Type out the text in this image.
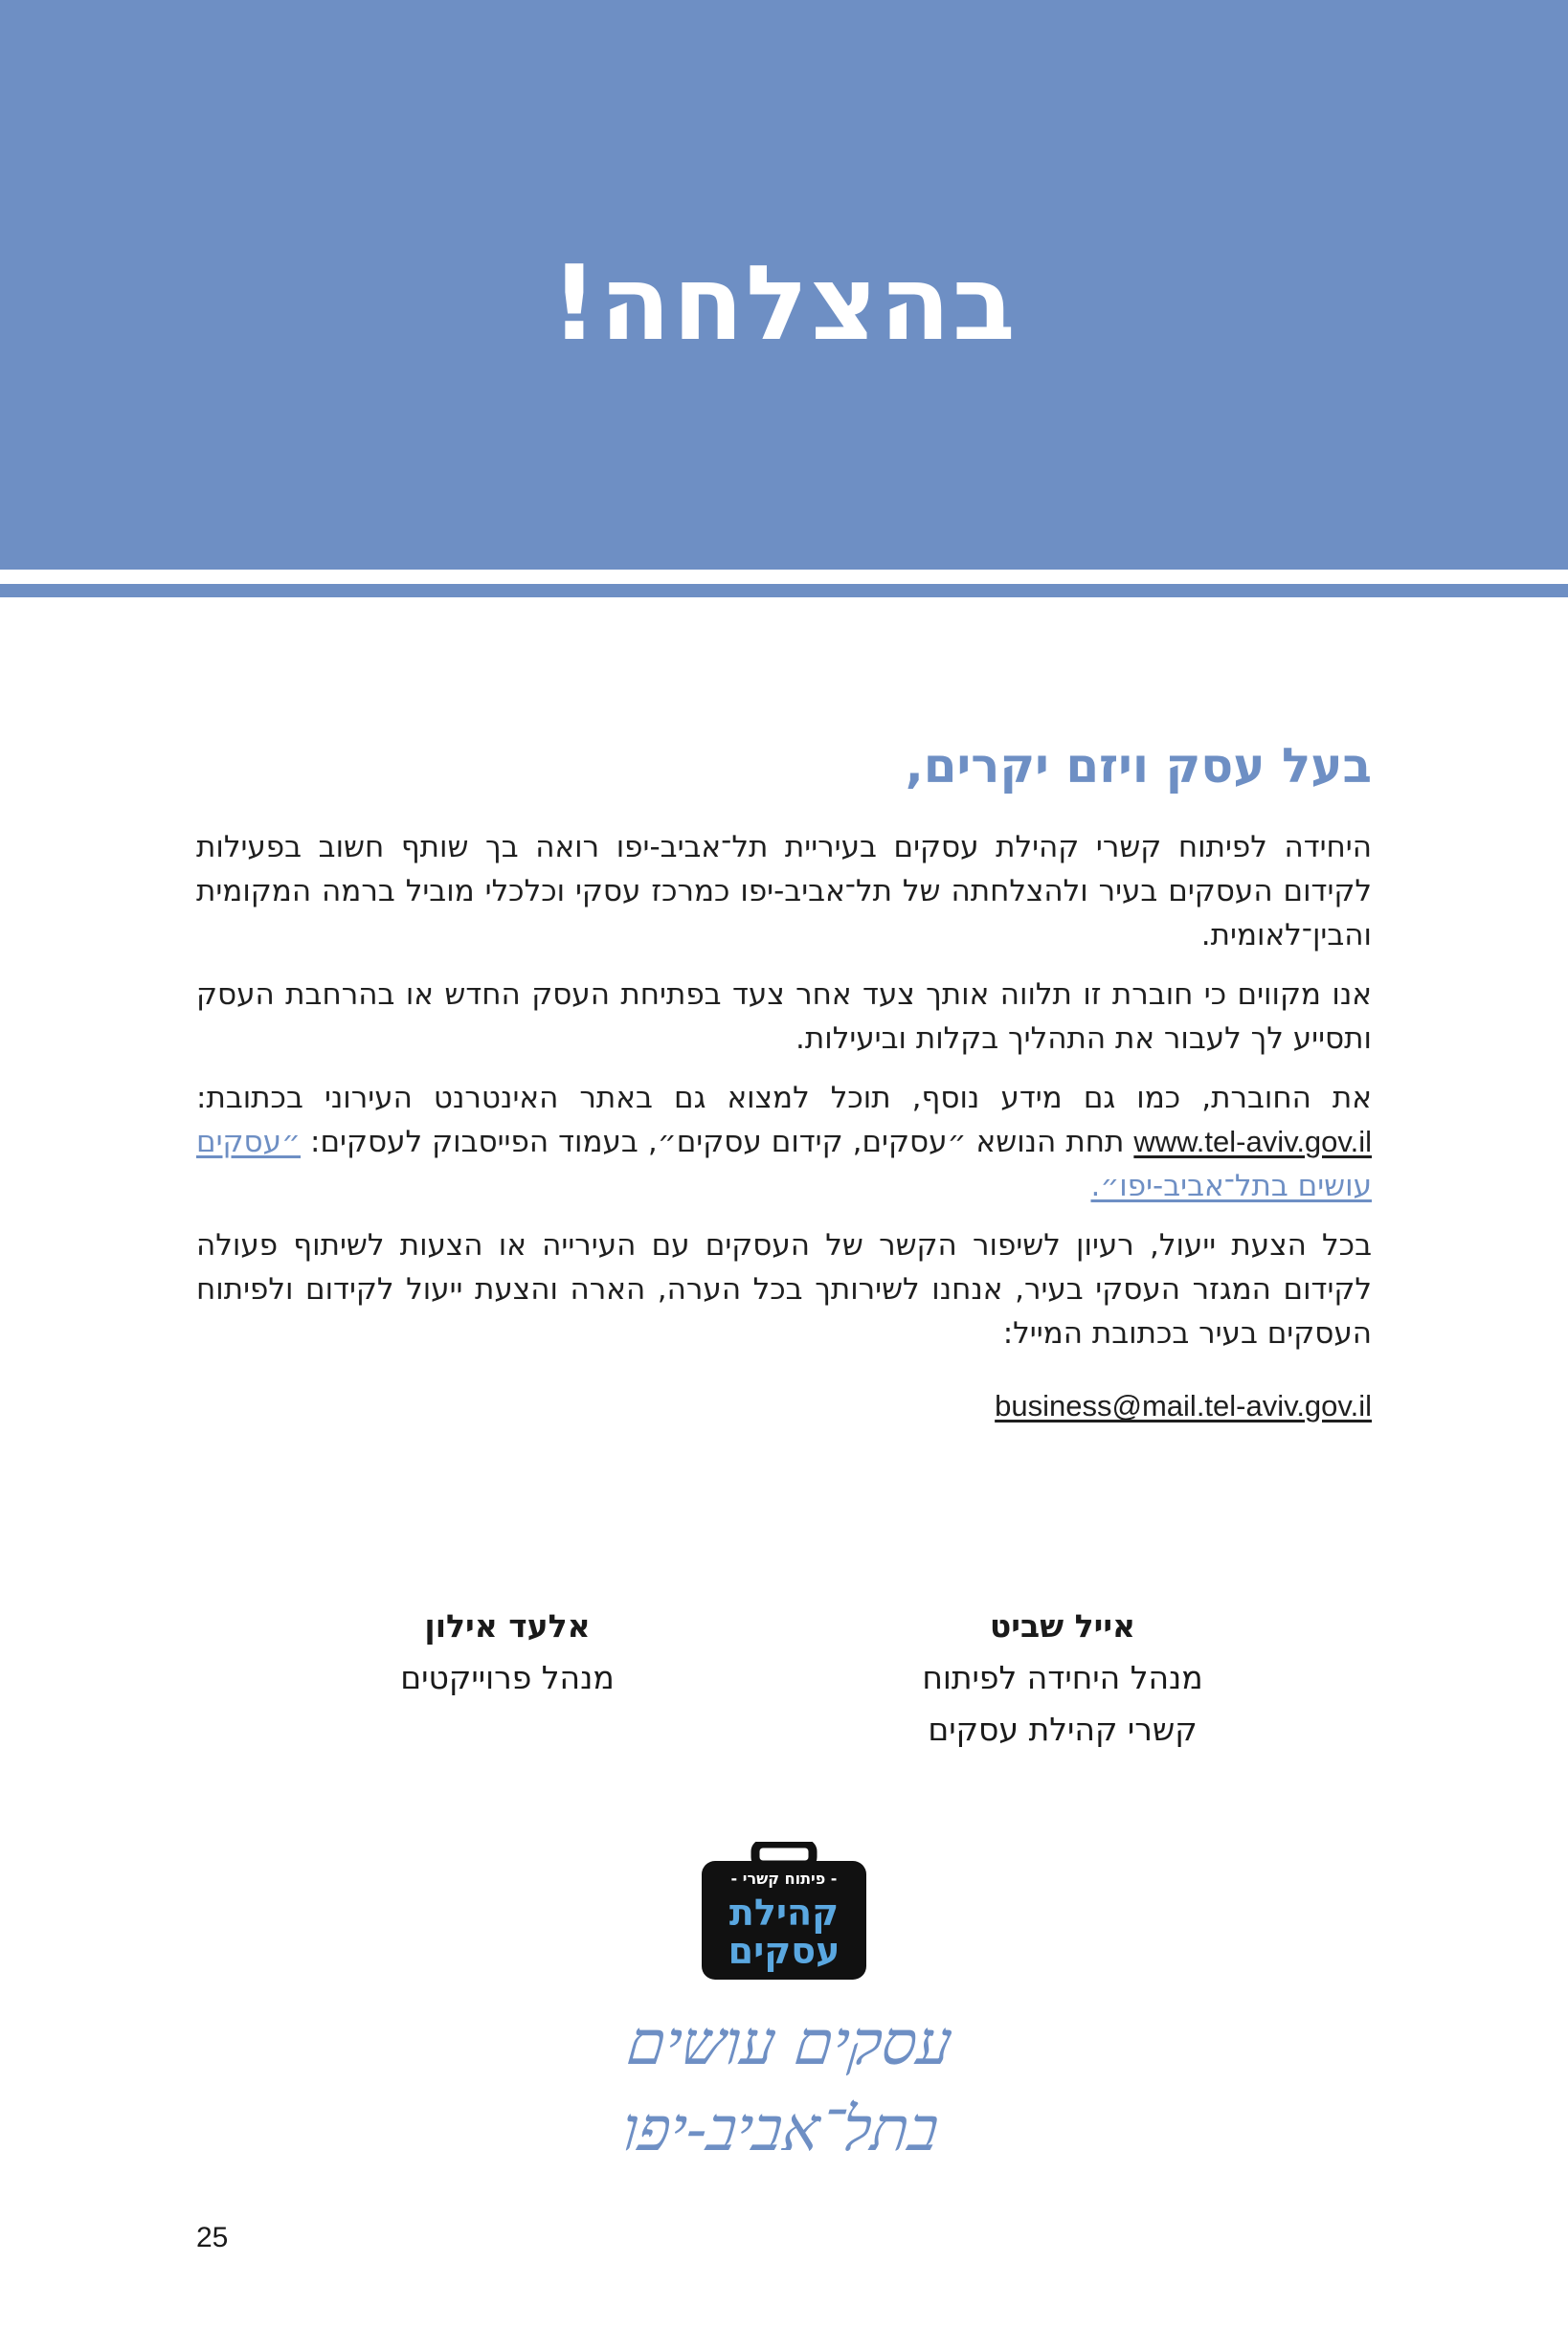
בהצלחה!
בעל עסק ויזם יקרים,

היחידה לפיתוח קשרי קהילת עסקים בעיריית תל־אביב-יפו רואה בך שותף חשוב בפעילות לקידום העסקים בעיר ולהצלחתה של תל־אביב-יפו כמרכז עסקי וכלכלי מוביל ברמה המקומית והבין־לאומית.

אנו מקווים כי חוברת זו תלווה אותך צעד אחר צעד בפתיחת העסק החדש או בהרחבת העסק ותסייע לך לעבור את התהליך בקלות וביעילות.

את החוברת, כמו גם מידע נוסף, תוכל למצוא גם באתר האינטרנט העירוני בכתובת: www.tel-aviv.gov.il תחת הנושא ״עסקים, קידום עסקים״, בעמוד הפייסבוק לעסקים: ״עסקים עושים בתל־אביב-יפו״.

בכל הצעת ייעול, רעיון לשיפור הקשר של העסקים עם העירייה או הצעות לשיתוף פעולה לקידום המגזר העסקי בעיר, אנחנו לשירותך בכל הערה, הארה והצעת ייעול לקידום ולפיתוח העסקים בעיר בכתובת המייל:

business@mail.tel-aviv.gov.il
אייל שביט
מנהל היחידה לפיתוח
קשרי קהילת עסקים
אלעד אילון
מנהל פרוייקטים
- פיתוח קשרי -
קהילת
עסקים
עסקים עושים בתל־אביב-יפו
25
